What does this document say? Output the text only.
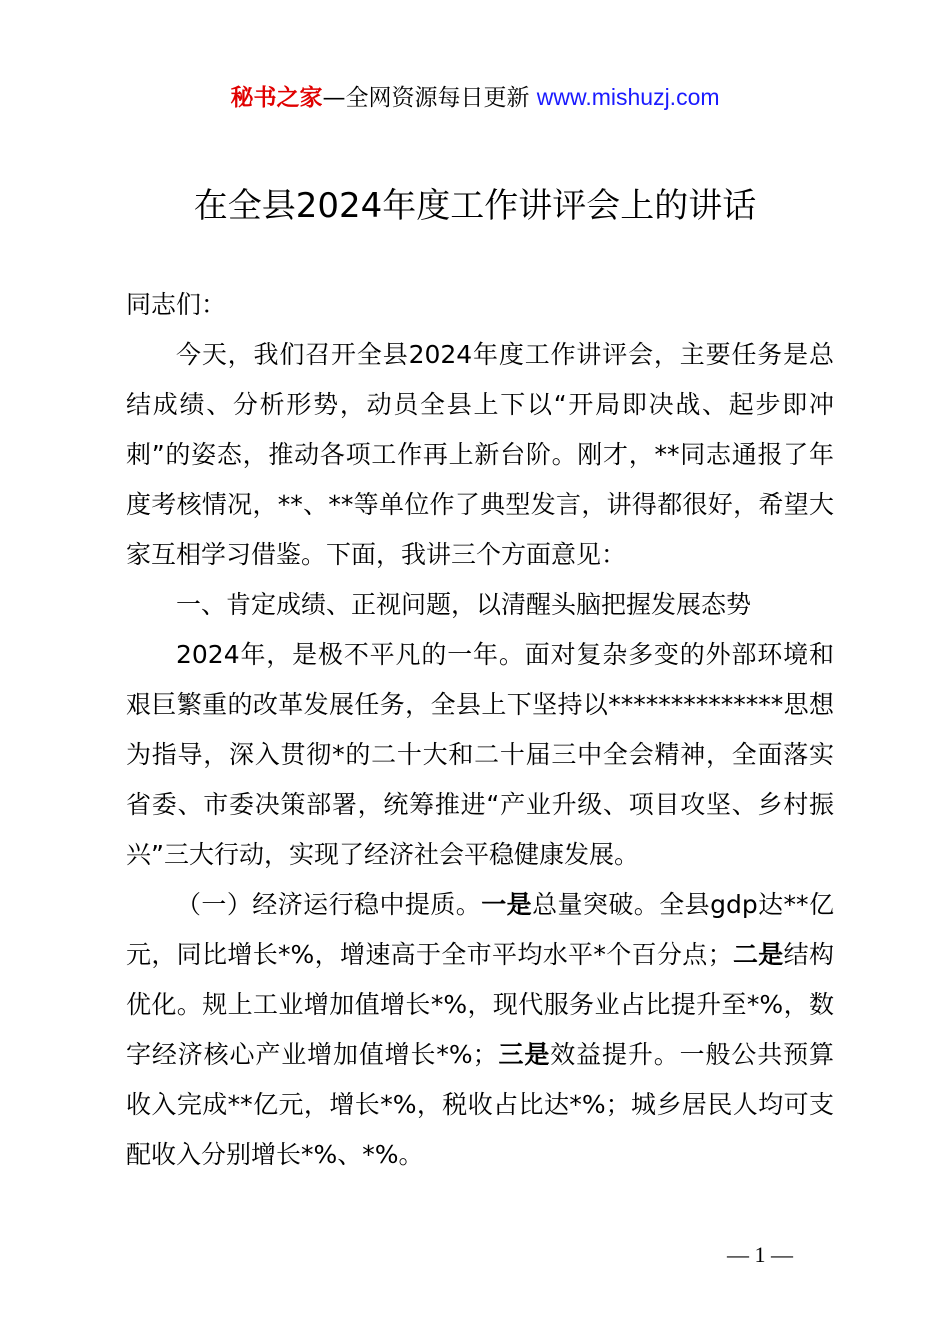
秘书之家—全网资源每日更新 www.mishuzj.com
在全县2024年度工作讲评会上的讲话

同志们：

今天，我们召开全县2024年度工作讲评会，主要任务是总结成绩、分析形势，动员全县上下以“开局即决战、起步即冲刺”的姿态，推动各项工作再上新台阶。刚才，**同志通报了年度考核情况，**、**等单位作了典型发言，讲得都很好，希望大家互相学习借鉴。下面，我讲三个方面意见：

一、肯定成绩、正视问题，以清醒头脑把握发展态势

2024年，是极不平凡的一年。面对复杂多变的外部环境和艰巨繁重的改革发展任务，全县上下坚持以**************思想为指导，深入贯彻*的二十大和二十届三中全会精神，全面落实省委、市委决策部署，统筹推进“产业升级、项目攻坚、乡村振兴”三大行动，实现了经济社会平稳健康发展。

（一）经济运行稳中提质。一是总量突破。全县gdp达**亿元，同比增长*%，增速高于全市平均水平*个百分点；二是结构优化。规上工业增加值增长*%，现代服务业占比提升至*%，数字经济核心产业增加值增长*%；三是效益提升。一般公共预算收入完成**亿元，增长*%，税收占比达*%；城乡居民人均可支配收入分别增长*%、*%。

— 1 —
